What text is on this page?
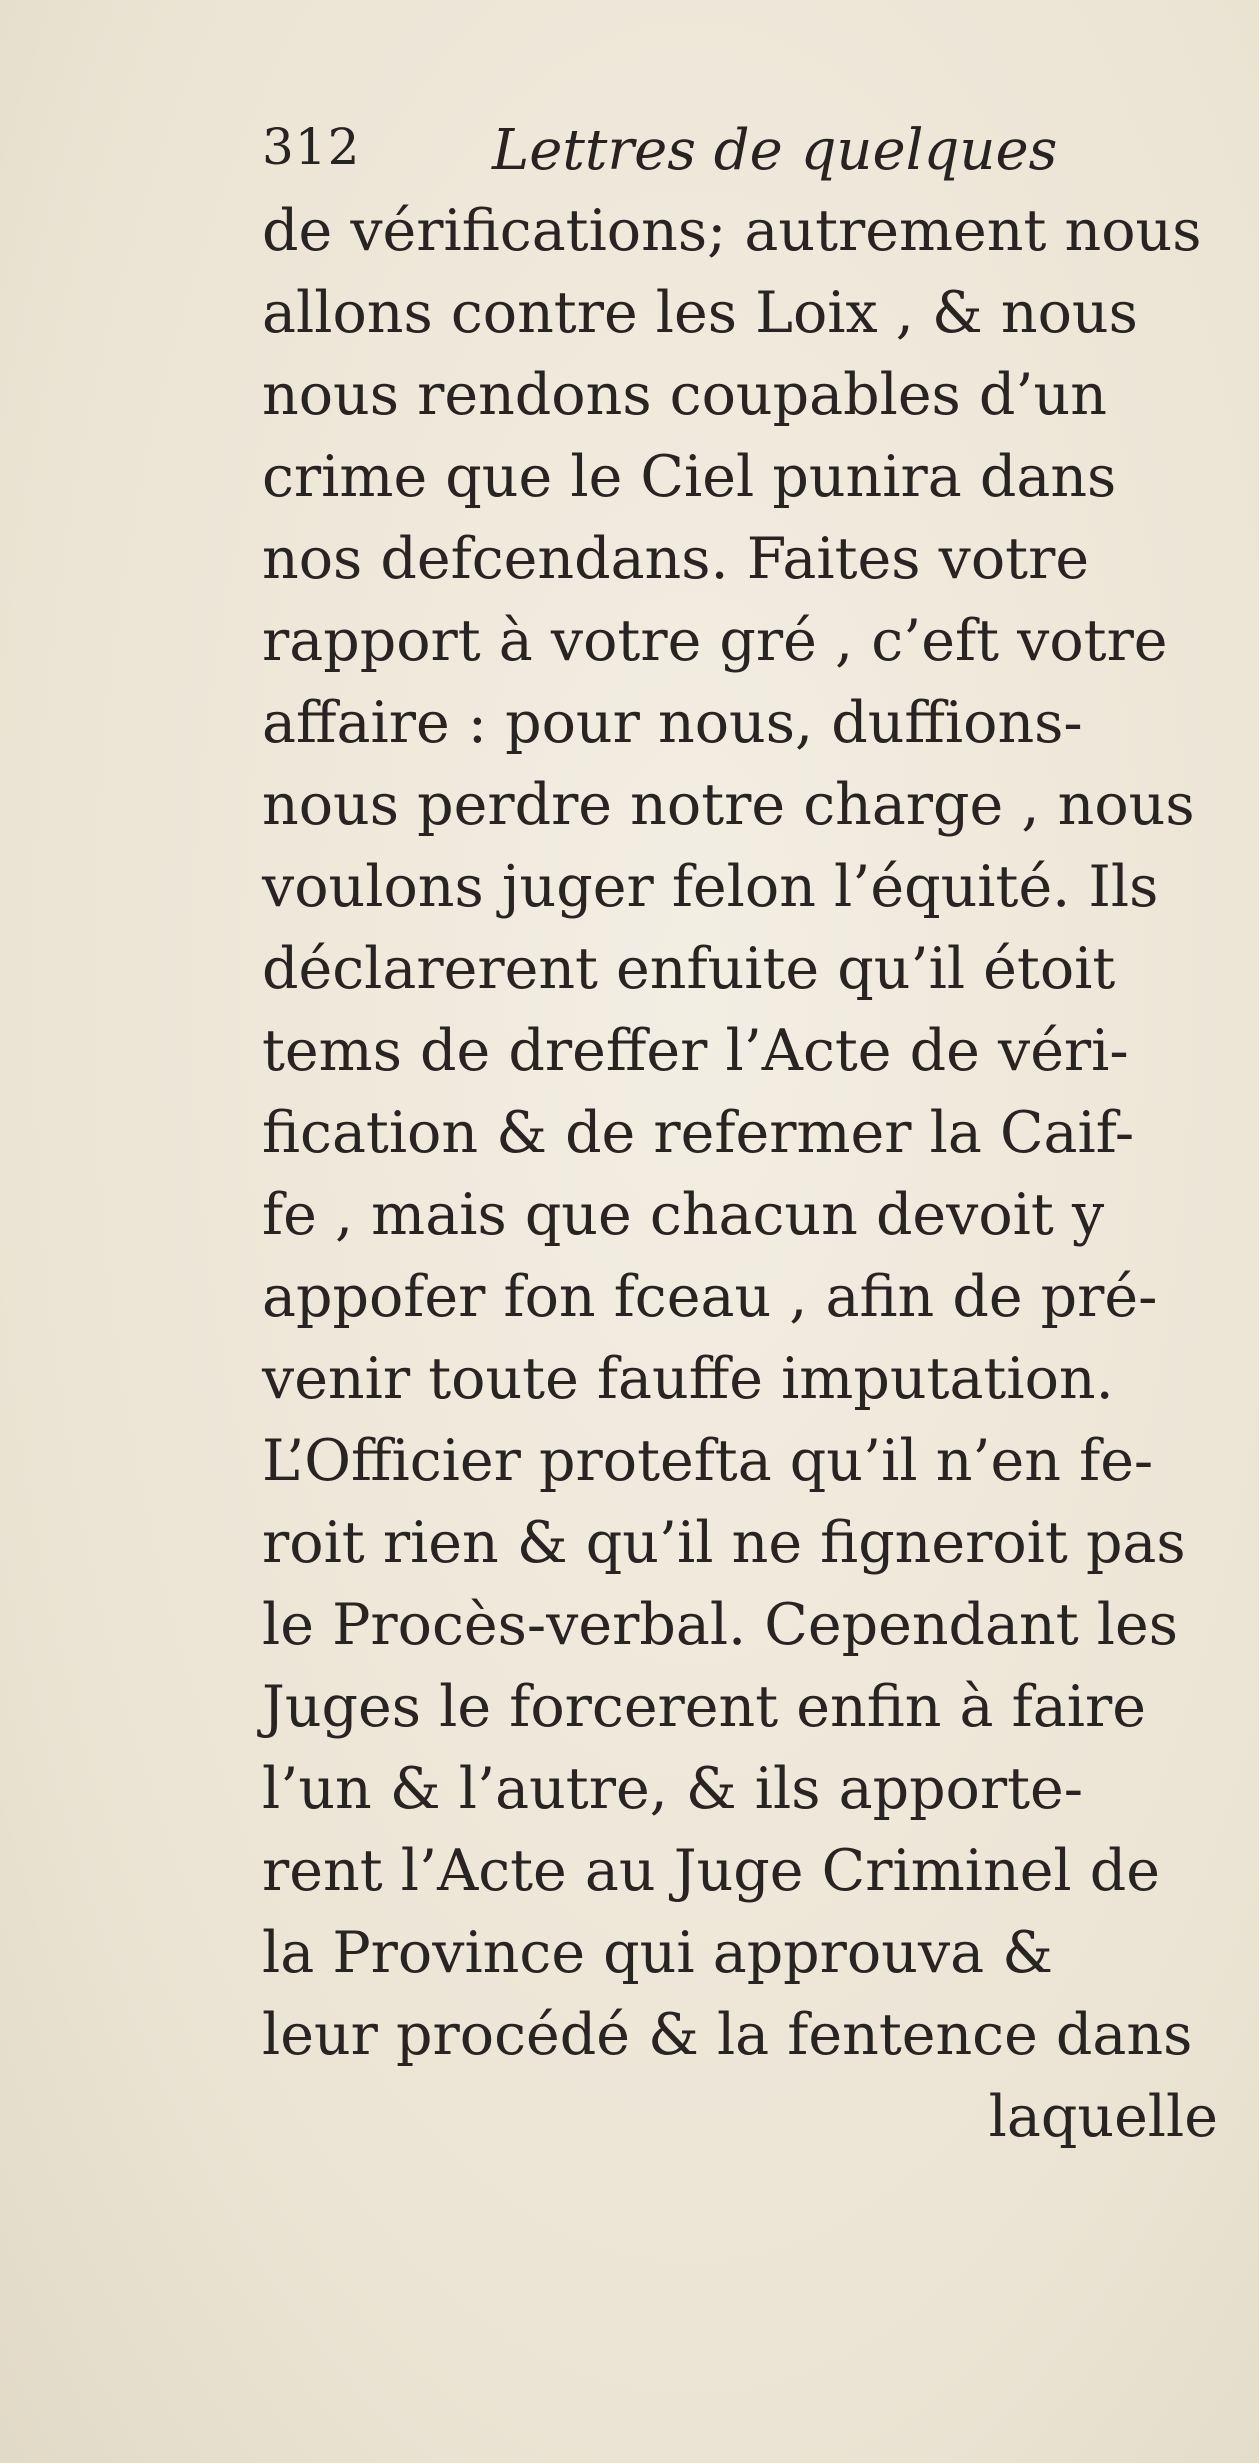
312 Lettres de quelques
de vérifications; autrement nous
allons contre les Loix , & nous
nous rendons coupables d’un
crime que le Ciel punira dans
nos defcendans. Faites votre
rapport à votre gré , c’eft votre
affaire : pour nous, duffions-
nous perdre notre charge , nous
voulons juger felon l’équité. Ils
déclarerent enfuite qu’il étoit
tems de dreffer l’Acte de véri-
fication & de refermer la Caif-
fe , mais que chacun devoit y
appofer fon fceau , afin de pré-
venir toute fauffe imputation.
L’Officier protefta qu’il n’en fe-
roit rien & qu’il ne figneroit pas
le Procès-verbal. Cependant les
Juges le forcerent enfin à faire
l’un & l’autre, & ils apporte-
rent l’Acte au Juge Criminel de
la Province qui approuva &
leur procédé & la fentence dans
laquelle
